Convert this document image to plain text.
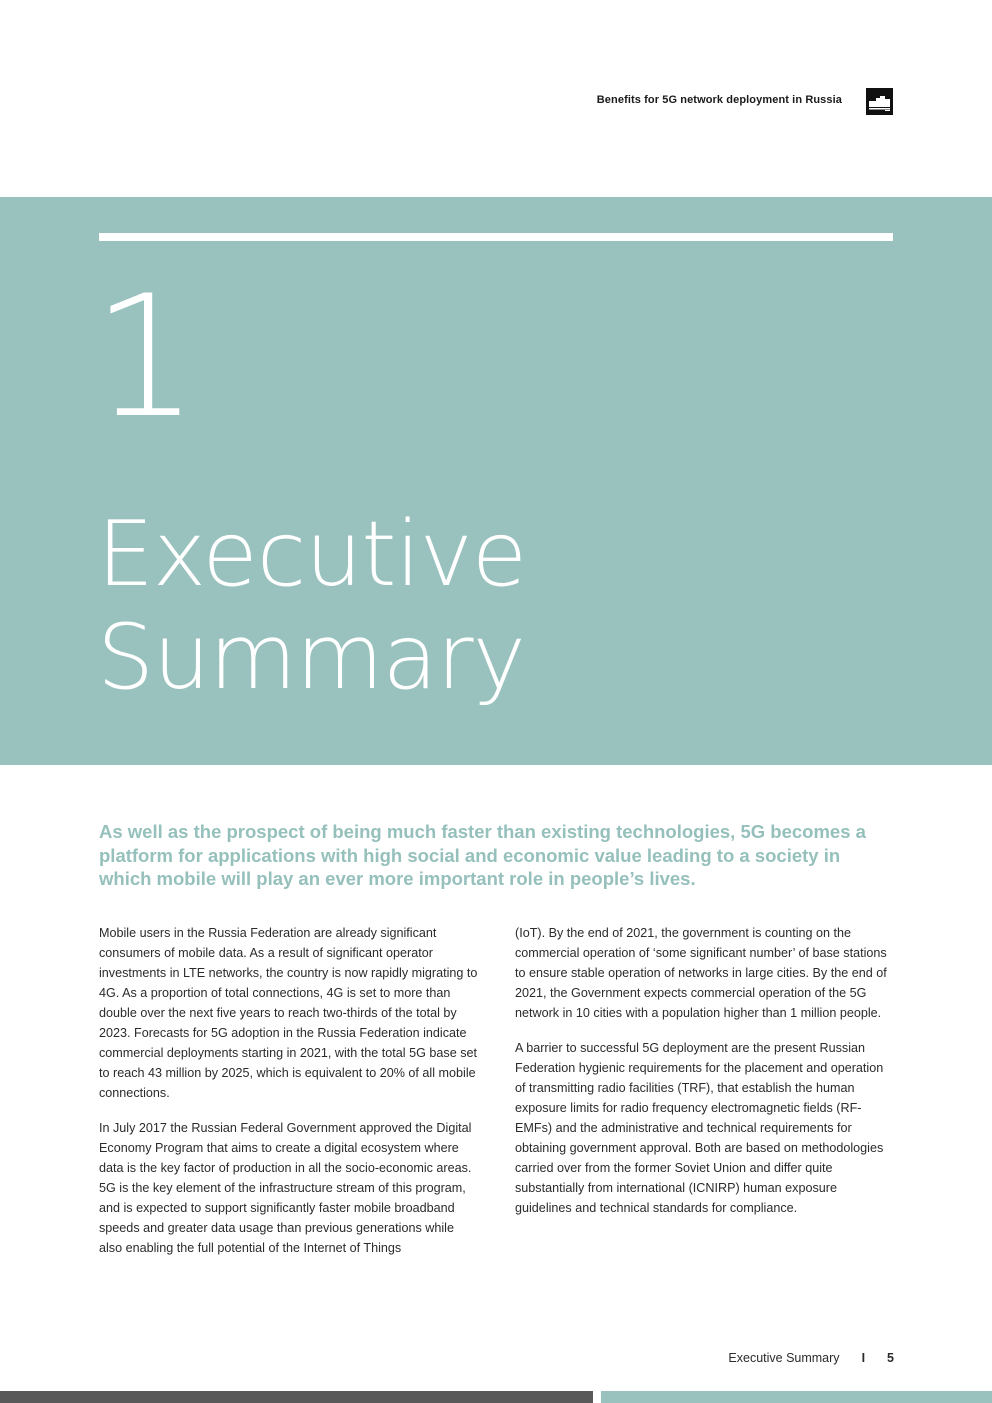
Benefits for 5G network deployment in Russia
1
Executive
Summary
As well as the prospect of being much faster than existing technologies, 5G becomes a platform for applications with high social and economic value leading to a society in which mobile will play an ever more important role in people’s lives.

Mobile users in the Russia Federation are already significant consumers of mobile data. As a result of significant operator investments in LTE networks, the country is now rapidly migrating to 4G. As a proportion of total connections, 4G is set to more than double over the next five years to reach two-thirds of the total by 2023. Forecasts for 5G adoption in the Russia Federation indicate commercial deployments starting in 2021, with the total 5G base set to reach 43 million by 2025, which is equivalent to 20% of all mobile connections.

In July 2017 the Russian Federal Government approved the Digital Economy Program that aims to create a digital ecosystem where data is the key factor of production in all the socio-economic areas. 5G is the key element of the infrastructure stream of this program, and is expected to support significantly faster mobile broadband speeds and greater data usage than previous generations while also enabling the full potential of the Internet of Things

(IoT). By the end of 2021, the government is counting on the commercial operation of ‘some significant number’ of base stations to ensure stable operation of networks in large cities. By the end of 2021, the Government expects commercial operation of the 5G network in 10 cities with a population higher than 1 million people.

A barrier to successful 5G deployment are the present Russian Federation hygienic requirements for the placement and operation of transmitting radio facilities (TRF), that establish the human exposure limits for radio frequency electromagnetic fields (RF-EMFs) and the administrative and technical requirements for obtaining government approval. Both are based on methodologies carried over from the former Soviet Union and differ quite substantially from international (ICNIRP) human exposure guidelines and technical standards for compliance.

Executive Summary I 5
